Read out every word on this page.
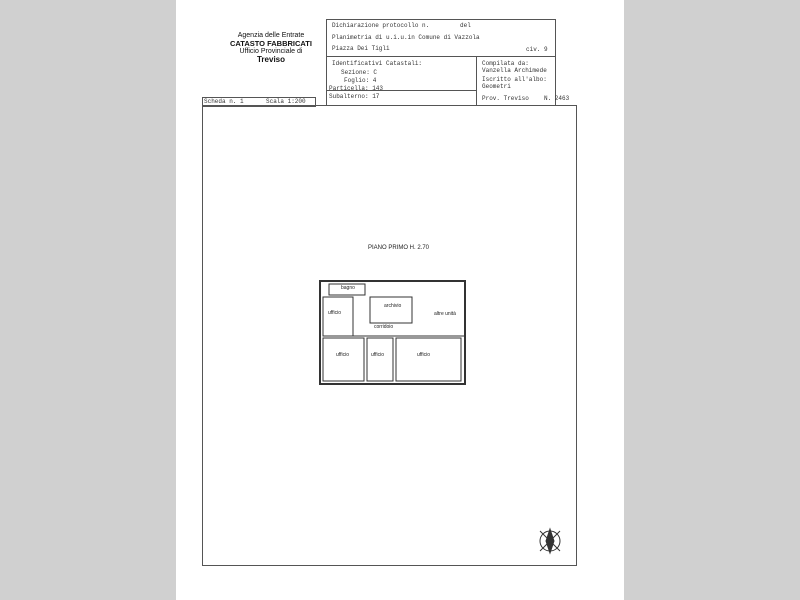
Agenzia delle Entrate
CATASTO FABBRICATI
Ufficio Provinciale di
Treviso
Dichiarazione protocollo n.	del
Planimetria di u.i.u.in Comune di Vazzola
Piazza Dei Tigli	civ. 9
Identificativi Catastali:
Sezione: C
Foglio: 4
Particella: 143
Subalterno: 17
Compilata da:
Vanzella Archimede
Iscritto all'albo:
Geometri
Prov. Treviso	N. 2463
Scheda n. 1	Scala 1:200
PIANO PRIMO H. 2.70
bagno
archivio
altre unità
ufficio
corridoio
ufficio	ufficio	ufficio
